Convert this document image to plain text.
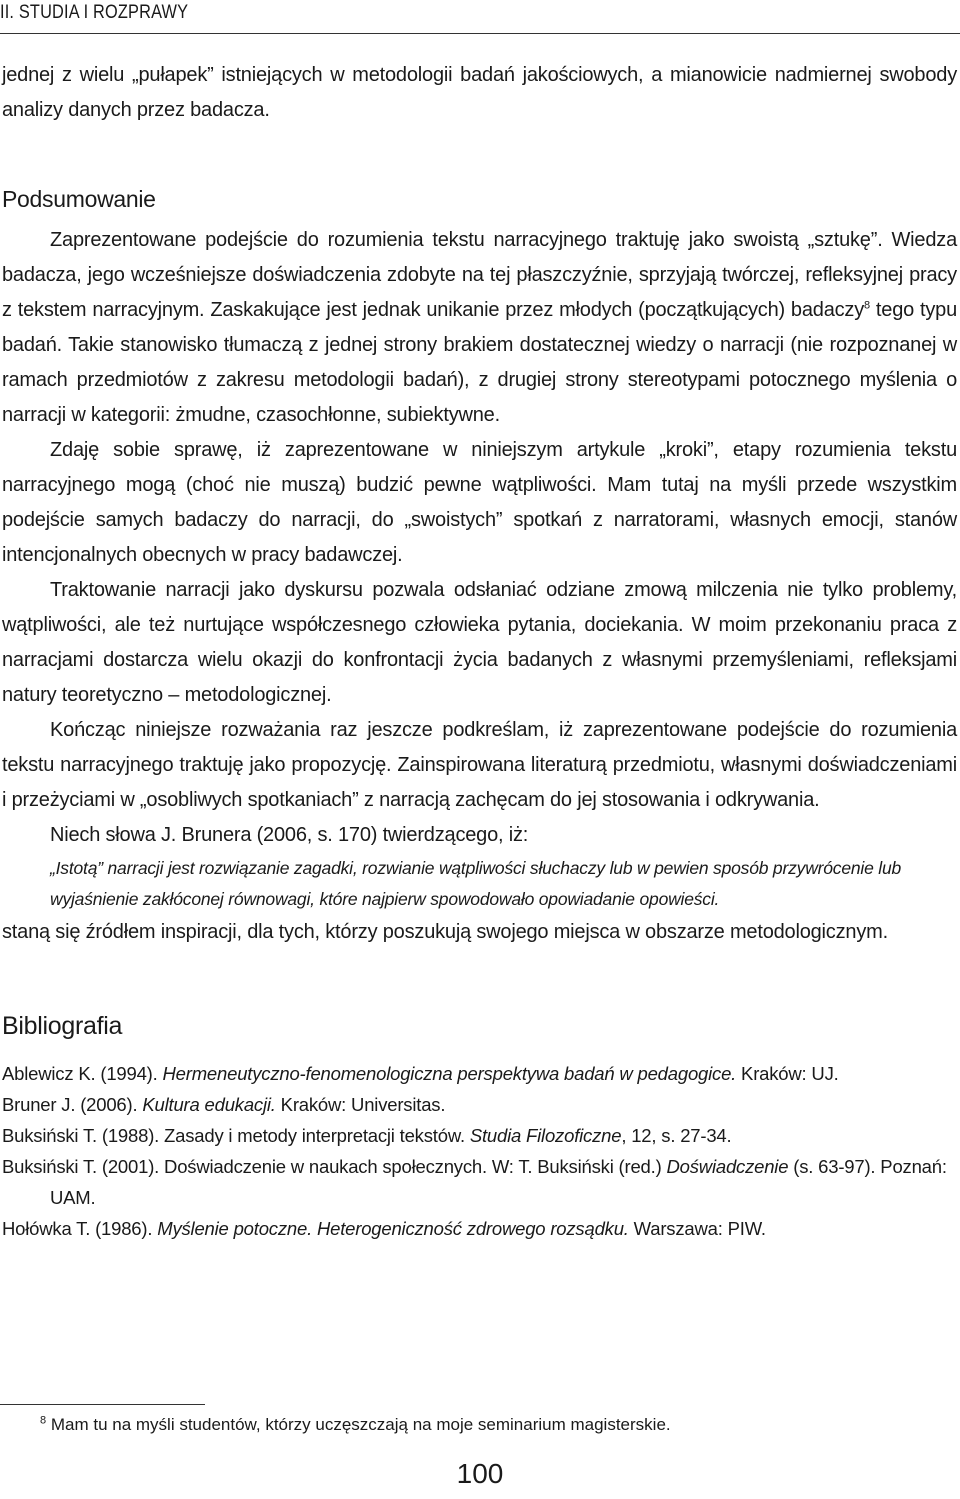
II. STUDIA I ROZPRAWY

jednej z wielu „pułapek” istniejących w metodologii badań jakościowych, a mianowicie nadmiernej swobody analizy danych przez badacza.

Podsumowanie

Zaprezentowane podejście do rozumienia tekstu narracyjnego traktuję jako swoistą „sztukę”. Wiedza badacza, jego wcześniejsze doświadczenia zdobyte na tej płaszczyźnie, sprzyjają twórczej, refleksyjnej pracy z tekstem narracyjnym. Zaskakujące jest jednak unikanie przez młodych (początkujących) badaczy$^8$ tego typu badań. Takie stanowisko tłumaczą z jednej strony brakiem dostatecznej wiedzy o narracji (nie rozpoznanej w ramach przedmiotów z zakresu metodologii badań), z drugiej strony stereotypami potocznego myślenia o narracji w kategorii: żmudne, czasochłonne, subiektywne.

Zdaję sobie sprawę, iż zaprezentowane w niniejszym artykule „kroki”, etapy rozumienia tekstu narracyjnego mogą (choć nie muszą) budzić pewne wątpliwości. Mam tutaj na myśli przede wszystkim podejście samych badaczy do narracji, do „swoistych” spotkań z narratorami, własnych emocji, stanów intencjonalnych obecnych w pracy badawczej.

Traktowanie narracji jako dyskursu pozwala odsłaniać odziane zmową milczenia nie tylko problemy, wątpliwości, ale też nurtujące współczesnego człowieka pytania, dociekania. W moim przekonaniu praca z narracjami dostarcza wielu okazji do konfrontacji życia badanych z własnymi przemyśleniami, refleksjami natury teoretyczno – metodologicznej.

Kończąc niniejsze rozważania raz jeszcze podkreślam, iż zaprezentowane podejście do rozumienia tekstu narracyjnego traktuję jako propozycję. Zainspirowana literaturą przedmiotu, własnymi doświadczeniami i przeżyciami w „osobliwych spotkaniach” z narracją zachęcam do jej stosowania i odkrywania.

Niech słowa J. Brunera (2006, s. 170) twierdzącego, iż:

„Istotą” narracji jest rozwiązanie zagadki, rozwianie wątpliwości słuchaczy lub w pewien sposób przywrócenie lub wyjaśnienie zakłóconej równowagi, które najpierw spowodowało opowiadanie opowieści.

staną się źródłem inspiracji, dla tych, którzy poszukują swojego miejsca w obszarze metodologicznym.

Bibliografia
Ablewicz K. (1994). Hermeneutyczno-fenomenologiczna perspektywa badań w pedagogice. Kraków: UJ.
Bruner J. (2006). Kultura edukacji. Kraków: Universitas.
Buksiński T. (1988). Zasady i metody interpretacji tekstów. Studia Filozoficzne, 12, s. 27-34.
Buksiński T. (2001). Doświadczenie w naukach społecznych. W: T. Buksiński (red.) Doświadczenie (s. 63-97). Poznań: UAM.
Hołówka T. (1986). Myślenie potoczne. Heterogeniczność zdrowego rozsądku. Warszawa: PIW.
$^8$ Mam tu na myśli studentów, którzy uczęszczają na moje seminarium magisterskie.
100
